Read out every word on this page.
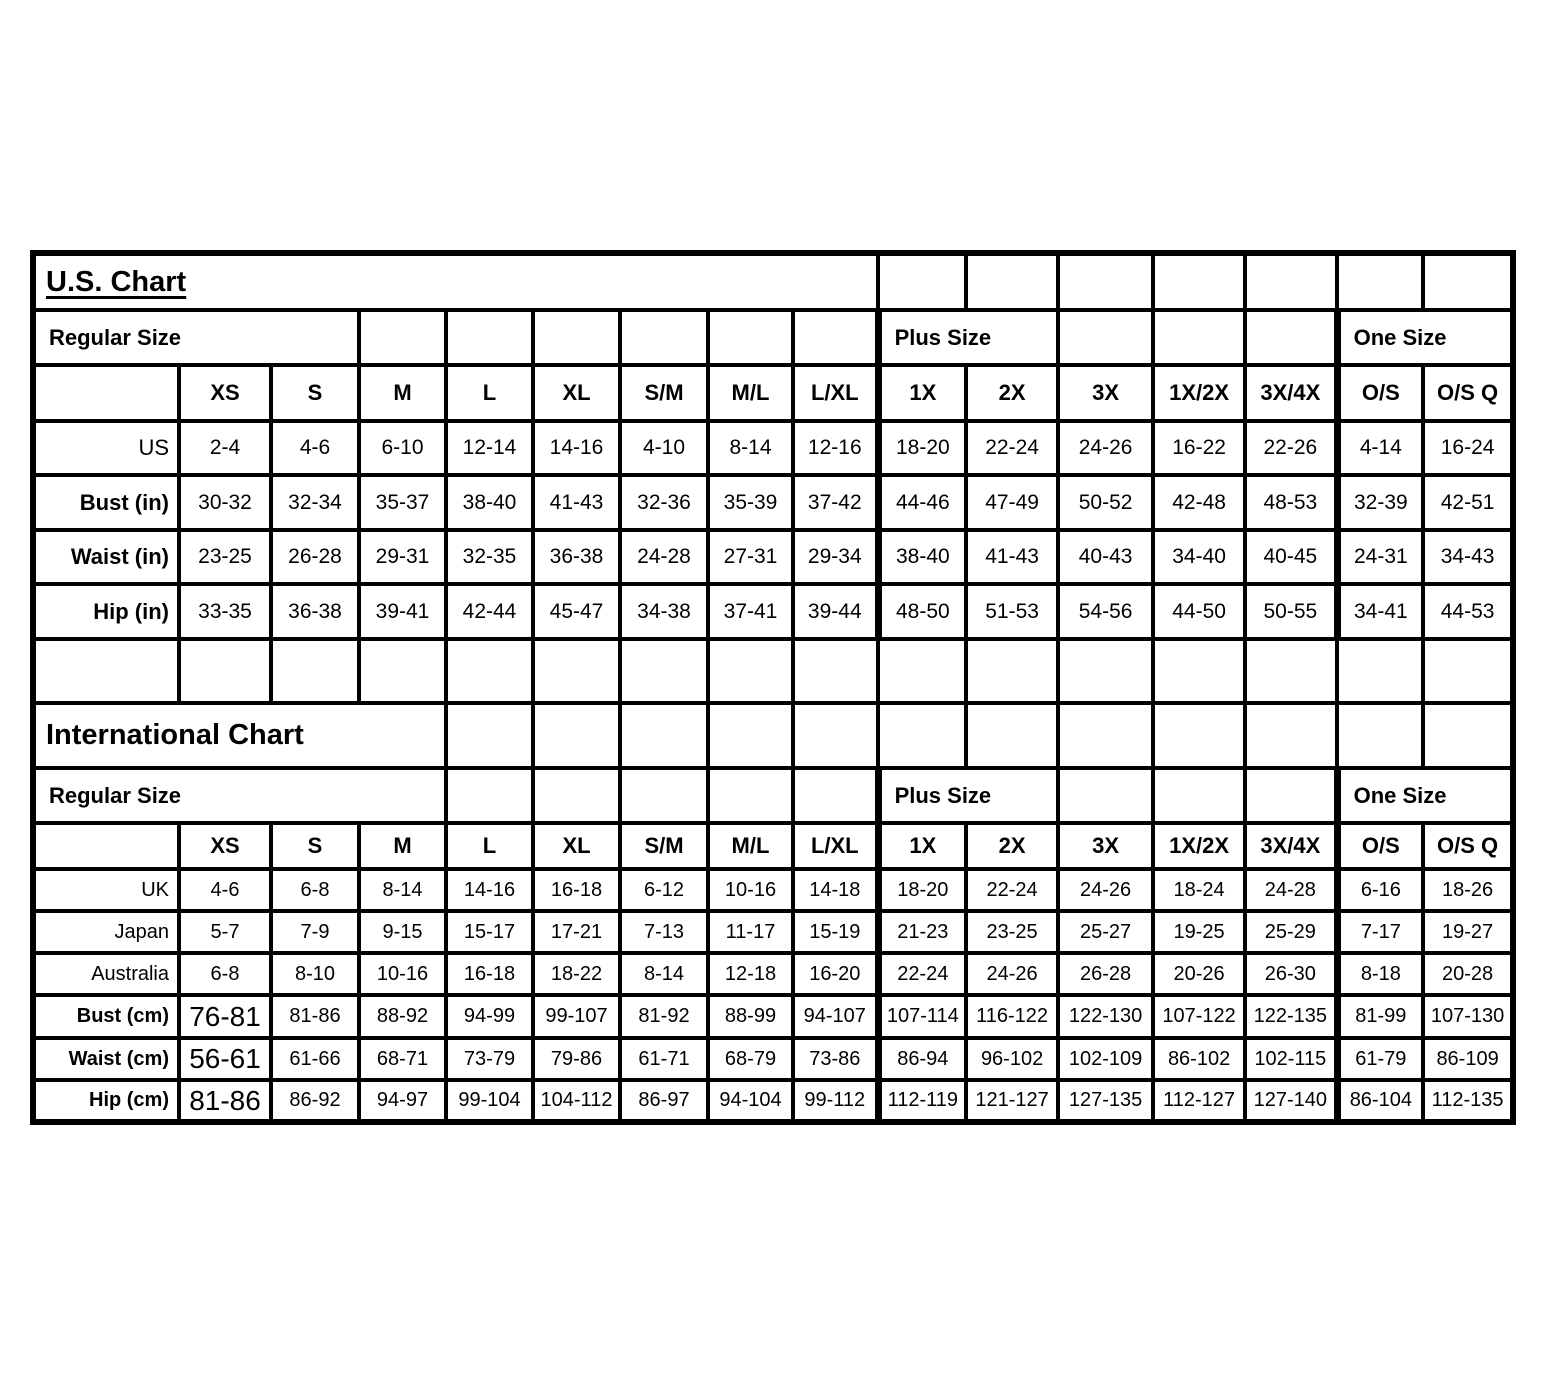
U.S. Chart															
Regular Size									Plus Size					One Size	
	XS	S	M	L	XL	S/M	M/L	L/XL	1X	2X	3X	1X/2X	3X/4X	O/S	O/S Q
US	2-4	4-6	6-10	12-14	14-16	4-10	8-14	12-16	18-20	22-24	24-26	16-22	22-26	4-14	16-24
Bust (in)	30-32	32-34	35-37	38-40	41-43	32-36	35-39	37-42	44-46	47-49	50-52	42-48	48-53	32-39	42-51
Waist (in)	23-25	26-28	29-31	32-35	36-38	24-28	27-31	29-34	38-40	41-43	40-43	34-40	40-45	24-31	34-43
Hip (in)	33-35	36-38	39-41	42-44	45-47	34-38	37-41	39-44	48-50	51-53	54-56	44-50	50-55	34-41	44-53

International Chart															
Regular Size									Plus Size					One Size	
	XS	S	M	L	XL	S/M	M/L	L/XL	1X	2X	3X	1X/2X	3X/4X	O/S	O/S Q
UK	4-6	6-8	8-14	14-16	16-18	6-12	10-16	14-18	18-20	22-24	24-26	18-24	24-28	6-16	18-26
Japan	5-7	7-9	9-15	15-17	17-21	7-13	11-17	15-19	21-23	23-25	25-27	19-25	25-29	7-17	19-27
Australia	6-8	8-10	10-16	16-18	18-22	8-14	12-18	16-20	22-24	24-26	26-28	20-26	26-30	8-18	20-28
Bust (cm)	76-81	81-86	88-92	94-99	99-107	81-92	88-99	94-107	107-114	116-122	122-130	107-122	122-135	81-99	107-130
Waist (cm)	56-61	61-66	68-71	73-79	79-86	61-71	68-79	73-86	86-94	96-102	102-109	86-102	102-115	61-79	86-109
Hip (cm)	81-86	86-92	94-97	99-104	104-112	86-97	94-104	99-112	112-119	121-127	127-135	112-127	127-140	86-104	112-135
